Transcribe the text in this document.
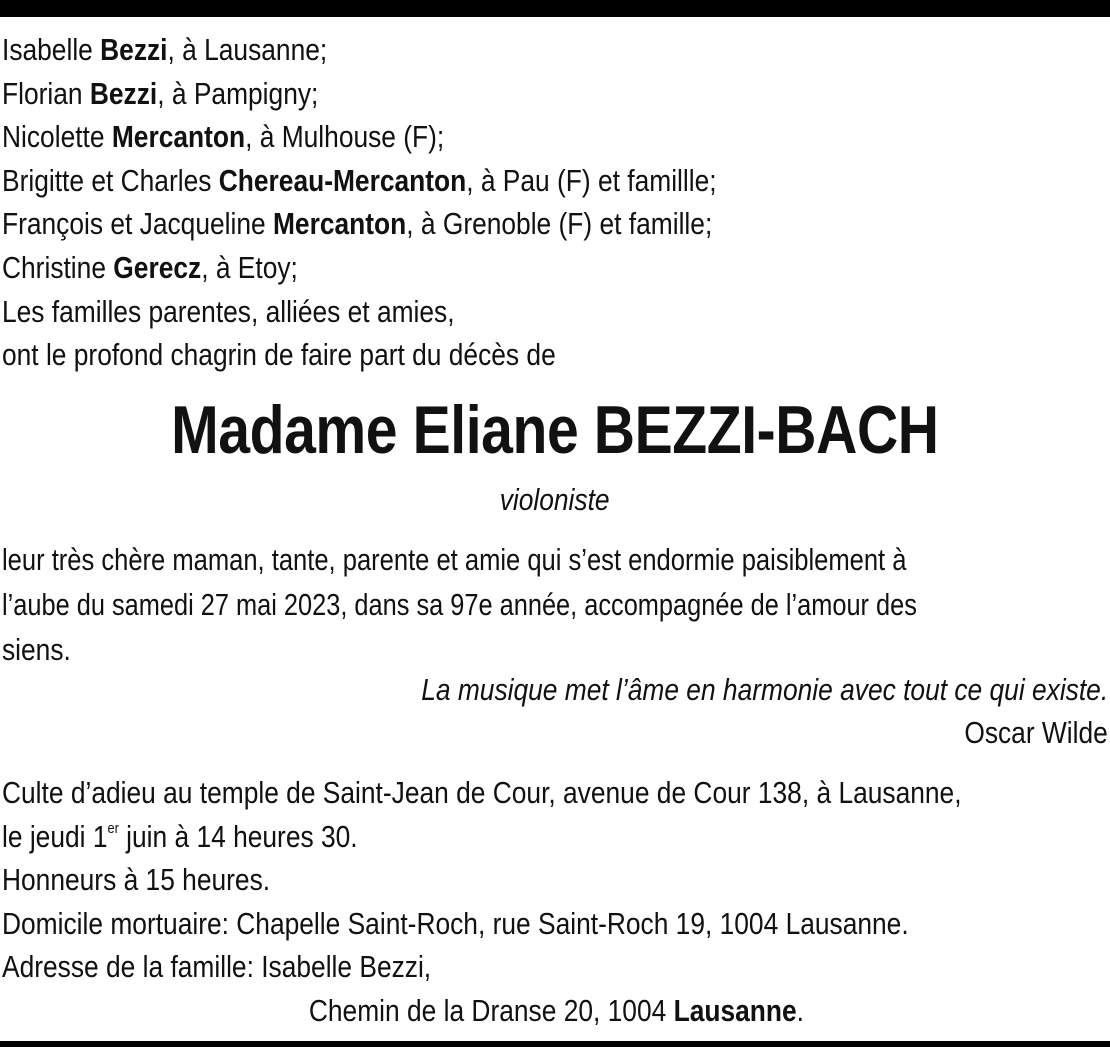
Isabelle Bezzi, à Lausanne;
Florian Bezzi, à Pampigny;
Nicolette Mercanton, à Mulhouse (F);
Brigitte et Charles Chereau-Mercanton, à Pau (F) et famillle;
François et Jacqueline Mercanton, à Grenoble (F) et famille;
Christine Gerecz, à Etoy;
Les familles parentes, alliées et amies,
ont le profond chagrin de faire part du décès de
Madame Eliane BEZZI-BACH
violoniste
leur très chère maman, tante, parente et amie qui s’est endormie paisiblement à
l’aube du samedi 27 mai 2023, dans sa 97e année, accompagnée de l’amour des
siens.
La musique met l’âme en harmonie avec tout ce qui existe.
Oscar Wilde
Culte d’adieu au temple de Saint-Jean de Cour, avenue de Cour 138, à Lausanne,
le jeudi 1er juin à 14 heures 30.
Honneurs à 15 heures.
Domicile mortuaire: Chapelle Saint-Roch, rue Saint-Roch 19, 1004 Lausanne.
Adresse de la famille: Isabelle Bezzi,
Chemin de la Dranse 20, 1004 Lausanne.
